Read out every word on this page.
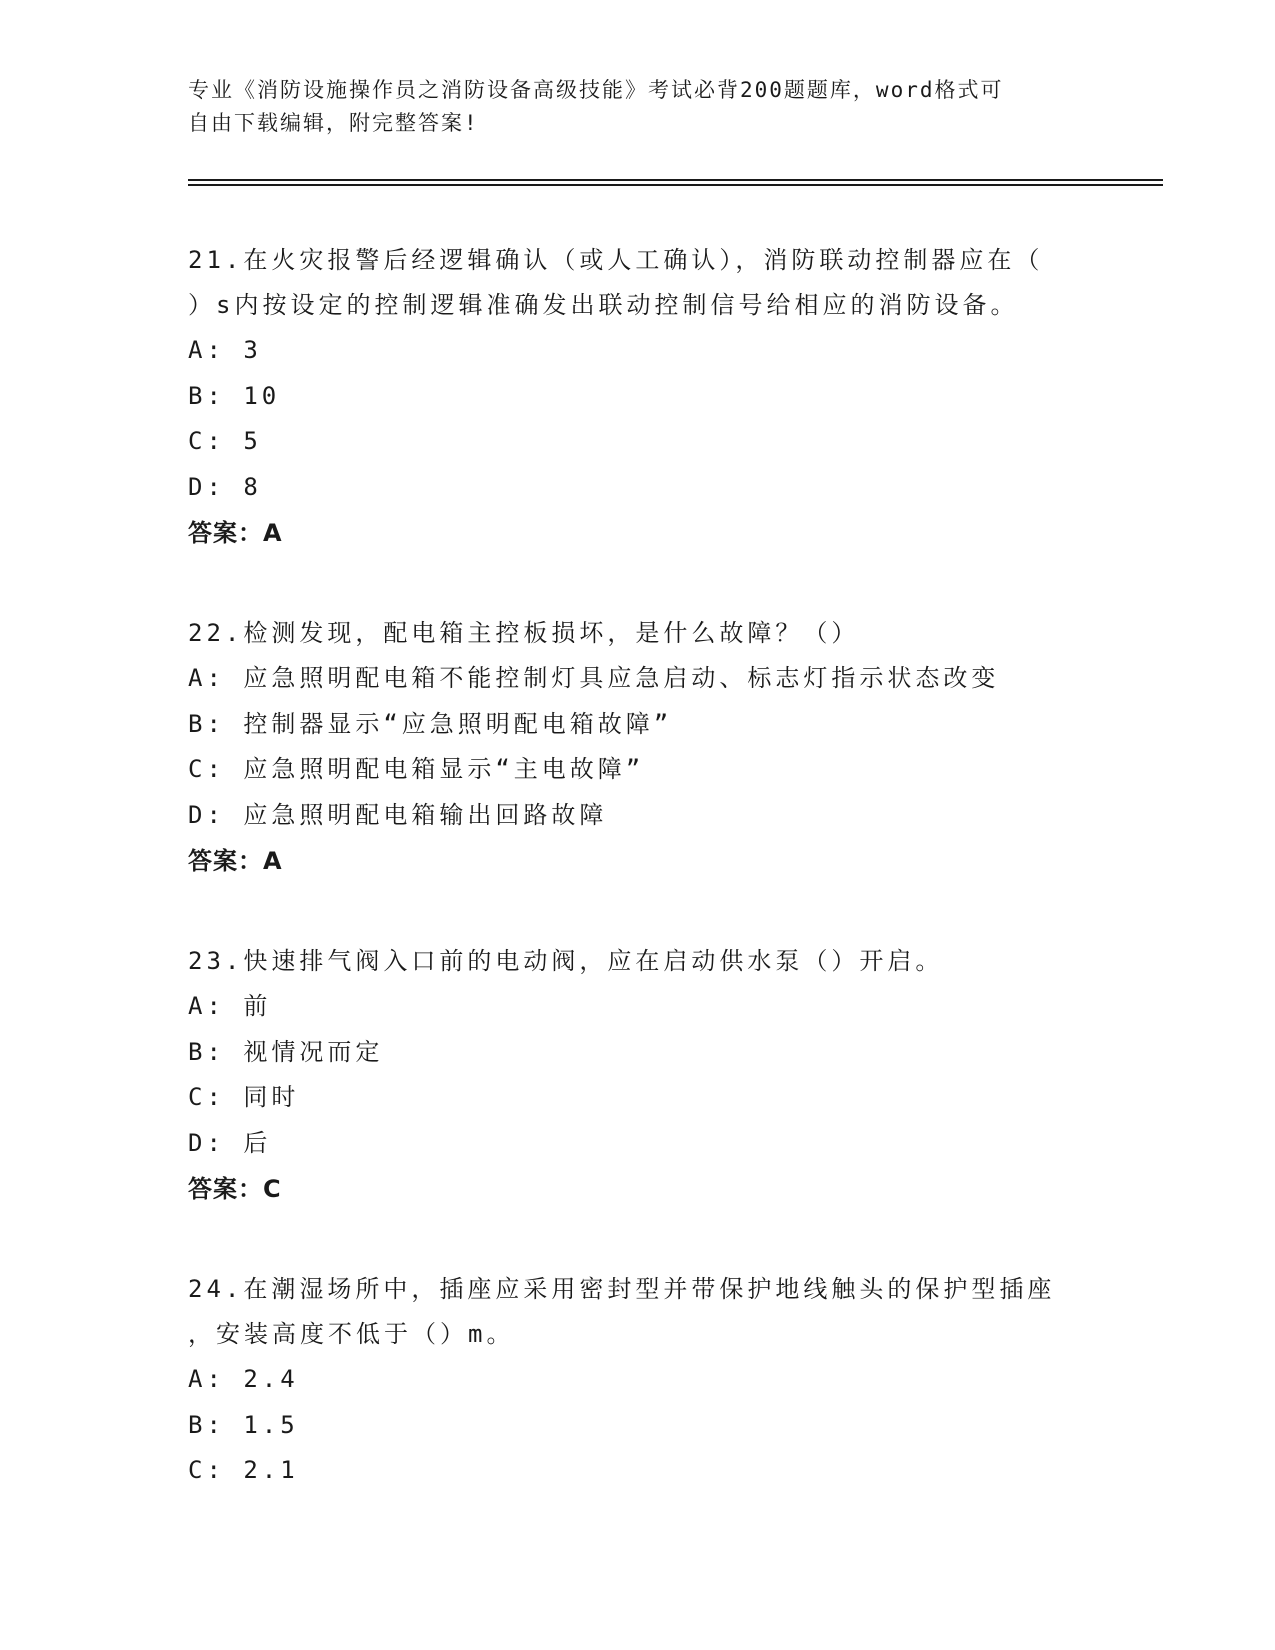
专业《消防设施操作员之消防设备高级技能》考试必背200题题库，word格式可
自由下载编辑，附完整答案!

21.在火灾报警后经逻辑确认（或人工确认），消防联动控制器应在（

）s内按设定的控制逻辑准确发出联动控制信号给相应的消防设备。

A: 3

B: 10

C: 5

D: 8

答案：A

22.检测发现，配电箱主控板损坏，是什么故障？（）

A: 应急照明配电箱不能控制灯具应急启动、标志灯指示状态改变

B: 控制器显示“应急照明配电箱故障”

C: 应急照明配电箱显示“主电故障”

D: 应急照明配电箱输出回路故障

答案：A

23.快速排气阀入口前的电动阀，应在启动供水泵（）开启。

A: 前

B: 视情况而定

C: 同时

D: 后

答案：C

24.在潮湿场所中，插座应采用密封型并带保护地线触头的保护型插座

，安装高度不低于（）m。

A: 2.4

B: 1.5

C: 2.1
